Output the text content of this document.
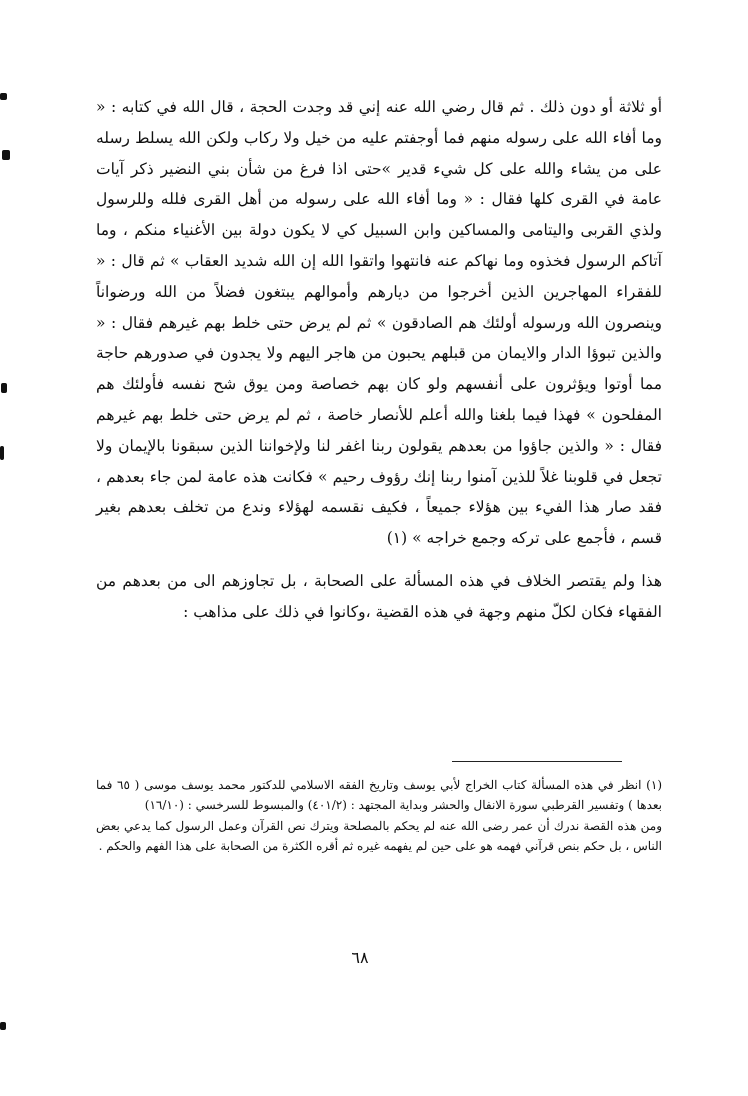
أو ثلاثة أو دون ذلك . ثم قال رضي الله عنه إني قد وجدت الحجة ، قال الله في كتابه : « وما أفاء الله على رسوله منهم فما أوجفتم عليه من خيل ولا ركاب ولكن الله يسلط رسله على من يشاء والله على كل شيء قدير »حتى اذا فرغ من شأن بني النضير ذكر آيات عامة في القرى كلها فقال : « وما أفاء الله على رسوله من أهل القرى فلله وللرسول ولذي القربى واليتامى والمساكين وابن السبيل كي لا يكون دولة بين الأغنياء منكم ، وما آتاكم الرسول فخذوه وما نهاكم عنه فانتهوا واتقوا الله إن الله شديد العقاب » ثم قال : « للفقراء المهاجرين الذين أخرجوا من ديارهم وأموالهم يبتغون فضلاً من الله ورضواناً وينصرون الله ورسوله أولئك هم الصادقون » ثم لم يرض حتى خلط بهم غيرهم فقال : « والذين تبوؤا الدار والايمان من قبلهم يحبون من هاجر اليهم ولا يجدون في صدورهم حاجة مما أوتوا ويؤثرون على أنفسهم ولو كان بهم خصاصة ومن يوق شح نفسه فأولئك هم المفلحون » فهذا فيما بلغنا والله أعلم للأنصار خاصة ، ثم لم يرض حتى خلط بهم غيرهم فقال : « والذين جاؤوا من بعدهم يقولون ربنا اغفر لنا ولإخواننا الذين سبقونا بالإيمان ولا تجعل في قلوبنا غلاً للذين آمنوا ربنا إنك رؤوف رحيم » فكانت هذه عامة لمن جاء بعدهم ، فقد صار هذا الفيء بين هؤلاء جميعاً ، فكيف نقسمه لهؤلاء وندع من تخلف بعدهم بغير قسم ، فأجمع على تركه وجمع خراجه » (١)

هذا ولم يقتصر الخلاف في هذه المسألة على الصحابة ، بل تجاوزهم الى من بعدهم من الفقهاء فكان لكلّ منهم وجهة في هذه القضية ،وكانوا في ذلك على مذاهب :

(١) انظر في هذه المسألة كتاب الخراج لأبي يوسف وتاريخ الفقه الاسلامي للدكتور محمد يوسف موسى ( ٦٥ فما بعدها ) وتفسير القرطبي سورة الانفال والحشر وبداية المجتهد : (٤٠١/٢) والمبسوط للسرخسي : (١٦/١٠)

ومن هذه القصة ندرك أن عمر رضى الله عنه لم يحكم بالمصلحة ويترك نص القرآن وعمل الرسول كما يدعي بعض الناس ، بل حكم بنص قرآني فهمه هو على حين لم يفهمه غيره ثم أقره الكثرة من الصحابة على هذا الفهم والحكم .

٦٨
